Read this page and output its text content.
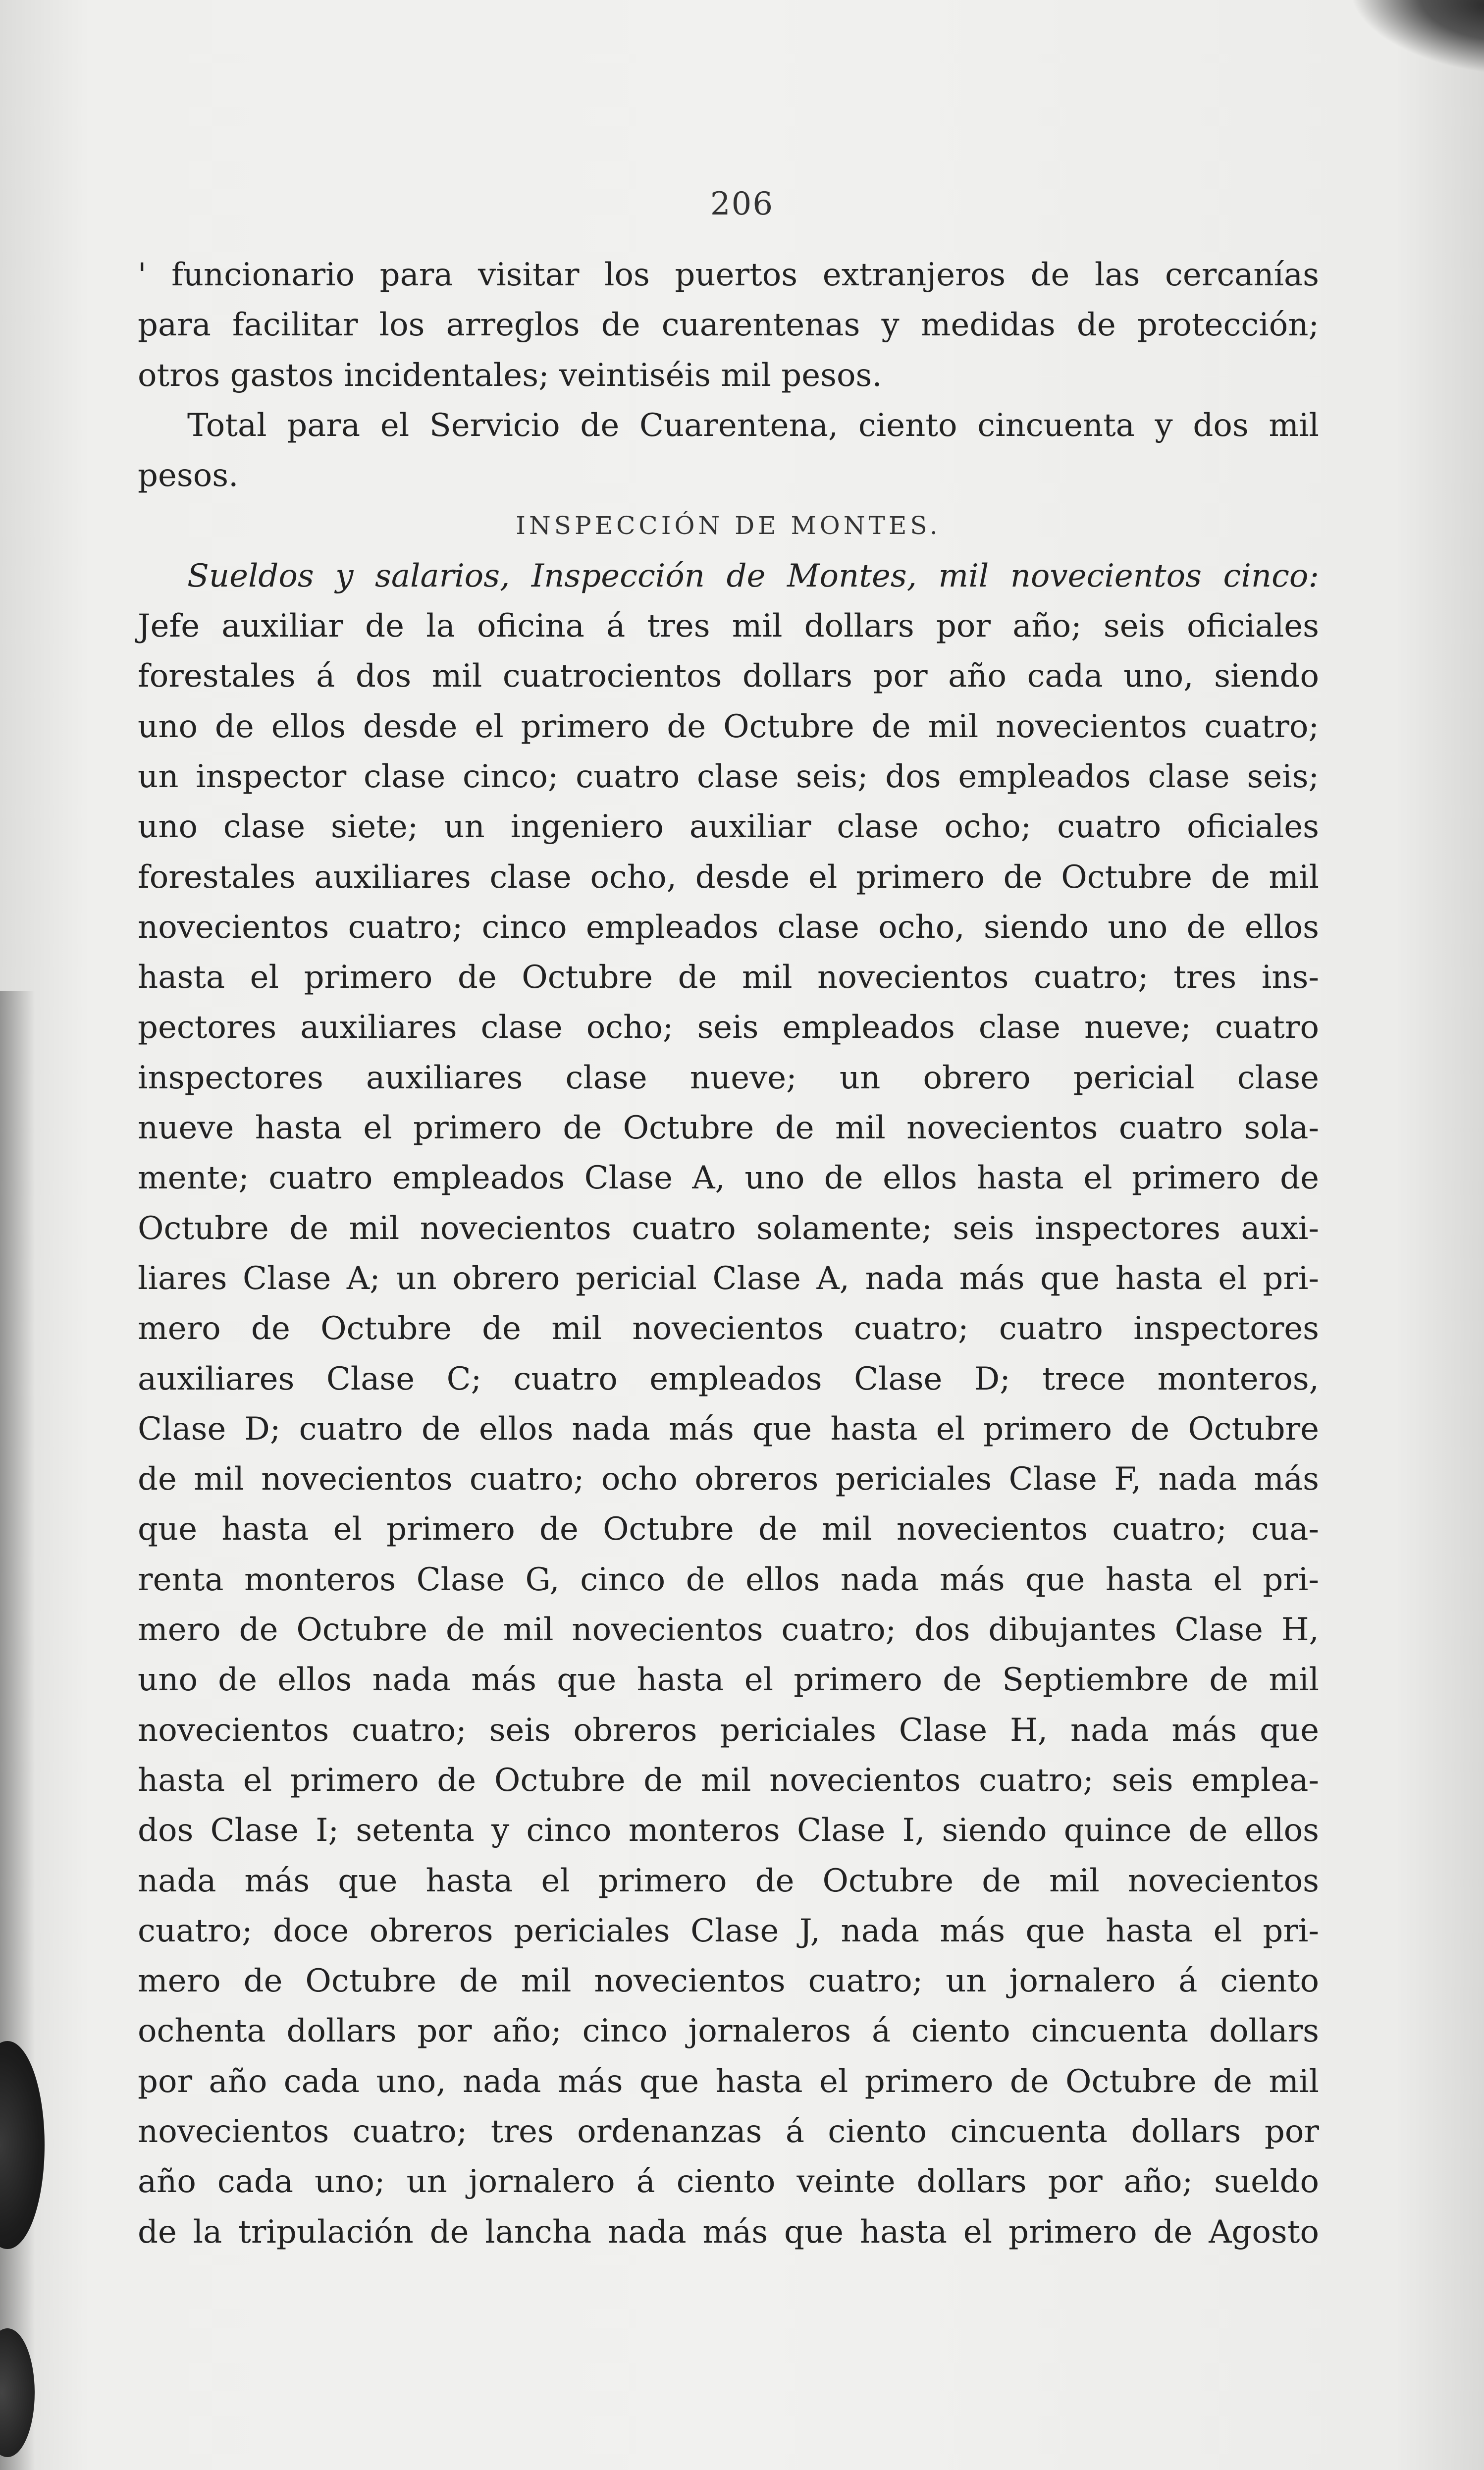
206
' funcionario para visitar los puertos extranjeros de las cercanías
para facilitar los arreglos de cuarentenas y medidas de protección;
otros gastos incidentales; veintiséis mil pesos.
Total para el Servicio de Cuarentena, ciento cincuenta y dos mil
pesos.
INSPECCIÓN DE MONTES.
Sueldos y salarios, Inspección de Montes, mil novecientos cinco:
Jefe auxiliar de la oficina á tres mil dollars por año; seis oficiales
forestales á dos mil cuatrocientos dollars por año cada uno, siendo
uno de ellos desde el primero de Octubre de mil novecientos cuatro;
un inspector clase cinco; cuatro clase seis; dos empleados clase seis;
uno clase siete; un ingeniero auxiliar clase ocho; cuatro oficiales
forestales auxiliares clase ocho, desde el primero de Octubre de mil
novecientos cuatro; cinco empleados clase ocho, siendo uno de ellos
hasta el primero de Octubre de mil novecientos cuatro; tres ins-
pectores auxiliares clase ocho; seis empleados clase nueve; cuatro
inspectores auxiliares clase nueve; un obrero pericial clase
nueve hasta el primero de Octubre de mil novecientos cuatro sola-
mente; cuatro empleados Clase A, uno de ellos hasta el primero de
Octubre de mil novecientos cuatro solamente; seis inspectores auxi-
liares Clase A; un obrero pericial Clase A, nada más que hasta el pri-
mero de Octubre de mil novecientos cuatro; cuatro inspectores
auxiliares Clase C; cuatro empleados Clase D; trece monteros,
Clase D; cuatro de ellos nada más que hasta el primero de Octubre
de mil novecientos cuatro; ocho obreros periciales Clase F, nada más
que hasta el primero de Octubre de mil novecientos cuatro; cua-
renta monteros Clase G, cinco de ellos nada más que hasta el pri-
mero de Octubre de mil novecientos cuatro; dos dibujantes Clase H,
uno de ellos nada más que hasta el primero de Septiembre de mil
novecientos cuatro; seis obreros periciales Clase H, nada más que
hasta el primero de Octubre de mil novecientos cuatro; seis emplea-
dos Clase I; setenta y cinco monteros Clase I, siendo quince de ellos
nada más que hasta el primero de Octubre de mil novecientos
cuatro; doce obreros periciales Clase J, nada más que hasta el pri-
mero de Octubre de mil novecientos cuatro; un jornalero á ciento
ochenta dollars por año; cinco jornaleros á ciento cincuenta dollars
por año cada uno, nada más que hasta el primero de Octubre de mil
novecientos cuatro; tres ordenanzas á ciento cincuenta dollars por
año cada uno; un jornalero á ciento veinte dollars por año; sueldo
de la tripulación de lancha nada más que hasta el primero de Agosto
